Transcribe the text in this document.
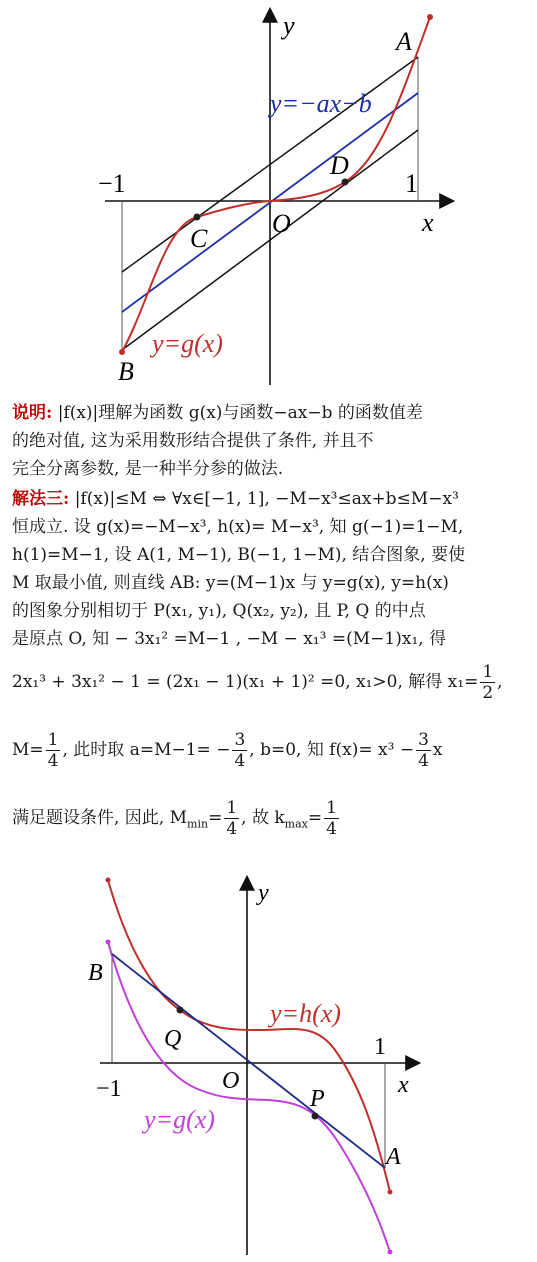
y
x
O
−1	1
A
B
C
D
y=−ax−b
y=g(x)
说明: |f(x)|理解为函数 g(x)与函数−ax−b 的函数值差
的绝对值, 这为采用数形结合提供了条件, 并且不
完全分离参数, 是一种半分参的做法.
解法三: |f(x)|≤M ⇔ ∀x∈[−1, 1], −M−x³≤ax+b≤M−x³
恒成立. 设 g(x)=−M−x³, h(x)= M−x³, 知 g(−1)=1−M,
h(1)=M−1, 设 A(1, M−1), B(−1, 1−M), 结合图象, 要使
M 取最小值, 则直线 AB: y=(M−1)x 与 y=g(x), y=h(x)
的图象分别相切于 P(x₁, y₁), Q(x₂, y₂), 且 P, Q 的中点
是原点 O, 知 − 3x₁² =M−1 , −M − x₁³ =(M−1)x₁, 得
2x₁³ + 3x₁² − 1 = (2x₁ − 1)(x₁ + 1)² =0, x₁>0, 解得 $x_1= \frac{1}{2}$ ,
$M= \frac{1}{4}$ , 此时取 $a=M-1= - \frac{3}{4}$ , b=0, 知 $f(x)= x^3 - \frac{3}{4}$ x
满足题设条件, 因此, $M_{min}= \frac{1}{4}$ , 故 $k_{max}= \frac{1}{4}$
y
x
O
−1
1
B
A
Q
P
y=h(x)
y=g(x)
